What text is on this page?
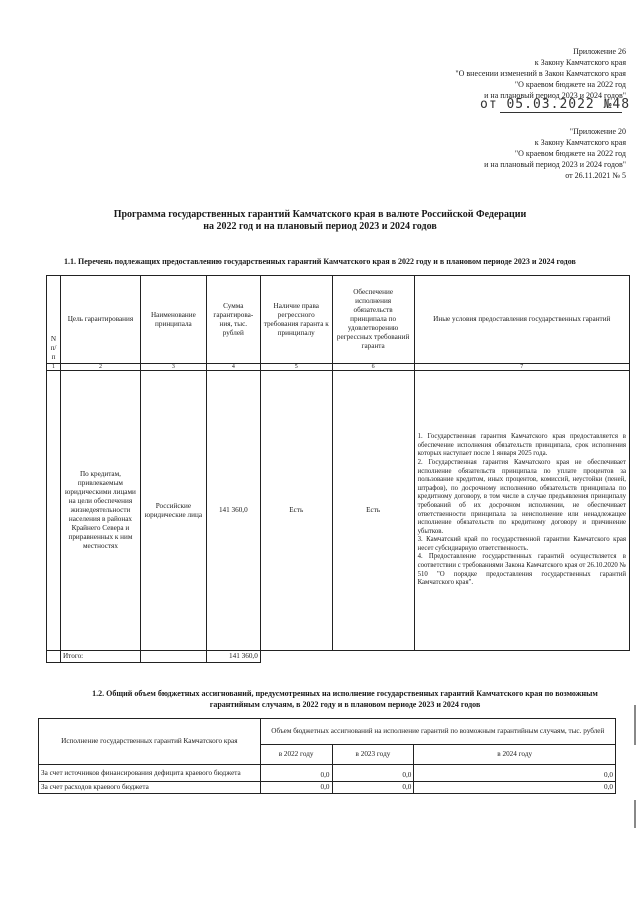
Приложение 26
к Закону Камчатского края
"О внесении изменений в Закон Камчатского края
"О краевом бюджете на 2022 год
и на плановый период 2023 и 2024 годов"
от 05.03.2022 №48
"Приложение 20
к Закону Камчатского края
"О краевом бюджете на 2022 год
и на плановый период 2023 и 2024 годов"
от 26.11.2021 № 5
Программа государственных гарантий Камчатского края в валюте Российской Федерации
на 2022 год и на плановый период 2023 и 2024 годов
1.1. Перечень подлежащих предоставлению государственных гарантий Камчатского края в 2022 году и в плановом периоде 2023 и 2024 годов
N п/п	Цель гарантирования	Наименование принципала	Сумма гарантирова-ния, тыс. рублей	Наличие права регрессного требования гаранта к принципалу	Обеспечение исполнения обязательств принципала по удовлетворению регрессных требований гаранта	Иные условия предоставления государственных гарантий
1	2	3	4	5	6	7
	По кредитам, привлекаемым юридическими лицами на цели обеспечения жизнедеятельности населения в районах Крайнего Севера и приравненных к ним местностях	Российские юридические лица	141 360,0	Есть	Есть	1. Государственная гарантия Камчатского края предоставляется в обеспечение исполнения обязательств принципала, срок исполнения которых наступает после 1 января 2025 года.
2. Государственная гарантия Камчатского края не обеспечивает исполнение обязательств принципала по уплате процентов за пользование кредитом, иных процентов, комиссий, неустойки (пеней, штрафов), по досрочному исполнению обязательств принципала по кредитному договору, в том числе в случае предъявления принципалу требований об их досрочном исполнении, не обеспечивает ответственности принципала за неисполнение или ненадлежащее исполнение обязательств по кредитному договору и причинение убытков.
3. Камчатский край по государственной гарантии Камчатского края несет субсидиарную ответственность.
4. Предоставление государственных гарантий осуществляется в соответствии с требованиями Закона Камчатского края от 26.10.2020 № 510 "О порядке предоставления государственных гарантий Камчатского края".

	Итого:		141 360,0			
1.2. Общий объем бюджетных ассигнований, предусмотренных на исполнение государственных гарантий Камчатского края по возможным
гарантийным случаям, в 2022 году и в плановом периоде 2023 и 2024 годов
Исполнение государственных гарантий Камчатского края	Объем бюджетных ассигнований на исполнение гарантий по возможным гарантийным случаям, тыс. рублей		
	в 2022 году	в 2023 году	в 2024 году
За счет источников финансирования дефицита краевого бюджета	0,0	0,0	0,0
За счет расходов краевого бюджета	0,0	0,0	0,0
